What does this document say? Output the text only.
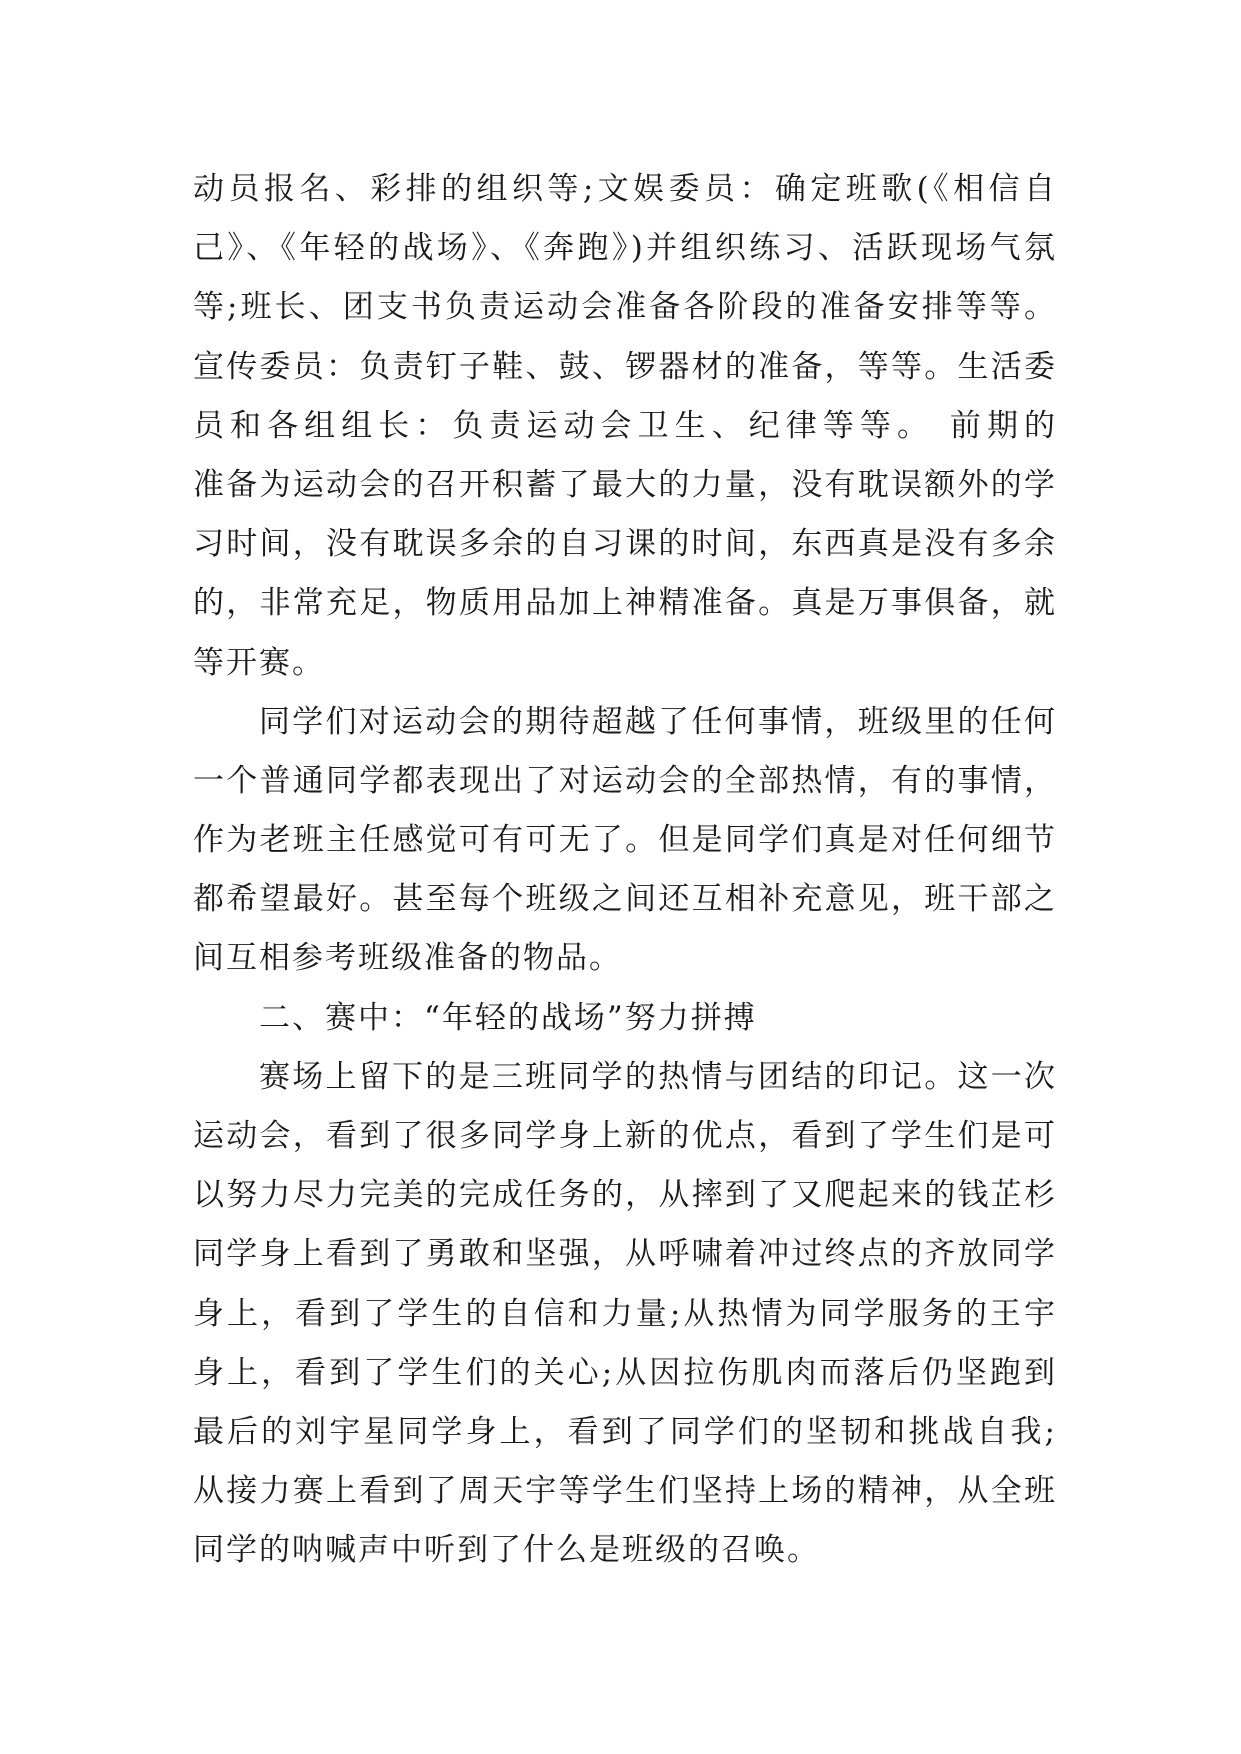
动员报名、彩排的组织等;文娱委员：确定班歌(《相信自
己》、《年轻的战场》、《奔跑》)并组织练习、活跃现场气氛
等;班长、团支书负责运动会准备各阶段的准备安排等等。
宣传委员：负责钉子鞋、鼓、锣器材的准备，等等。生活委
员和各组组长：负责运动会卫生、纪律等等。 前期的
准备为运动会的召开积蓄了最大的力量，没有耽误额外的学
习时间，没有耽误多余的自习课的时间，东西真是没有多余
的，非常充足，物质用品加上神精准备。真是万事俱备，就
等开赛。
同学们对运动会的期待超越了任何事情，班级里的任何
一个普通同学都表现出了对运动会的全部热情，有的事情，
作为老班主任感觉可有可无了。但是同学们真是对任何细节
都希望最好。甚至每个班级之间还互相补充意见，班干部之
间互相参考班级准备的物品。
二、赛中：“年轻的战场”努力拼搏
赛场上留下的是三班同学的热情与团结的印记。这一次
运动会，看到了很多同学身上新的优点，看到了学生们是可
以努力尽力完美的完成任务的，从摔到了又爬起来的钱芷杉
同学身上看到了勇敢和坚强，从呼啸着冲过终点的齐放同学
身上，看到了学生的自信和力量;从热情为同学服务的王宇
身上，看到了学生们的关心;从因拉伤肌肉而落后仍坚跑到
最后的刘宇星同学身上，看到了同学们的坚韧和挑战自我;
从接力赛上看到了周天宇等学生们坚持上场的精神，从全班
同学的呐喊声中听到了什么是班级的召唤。
